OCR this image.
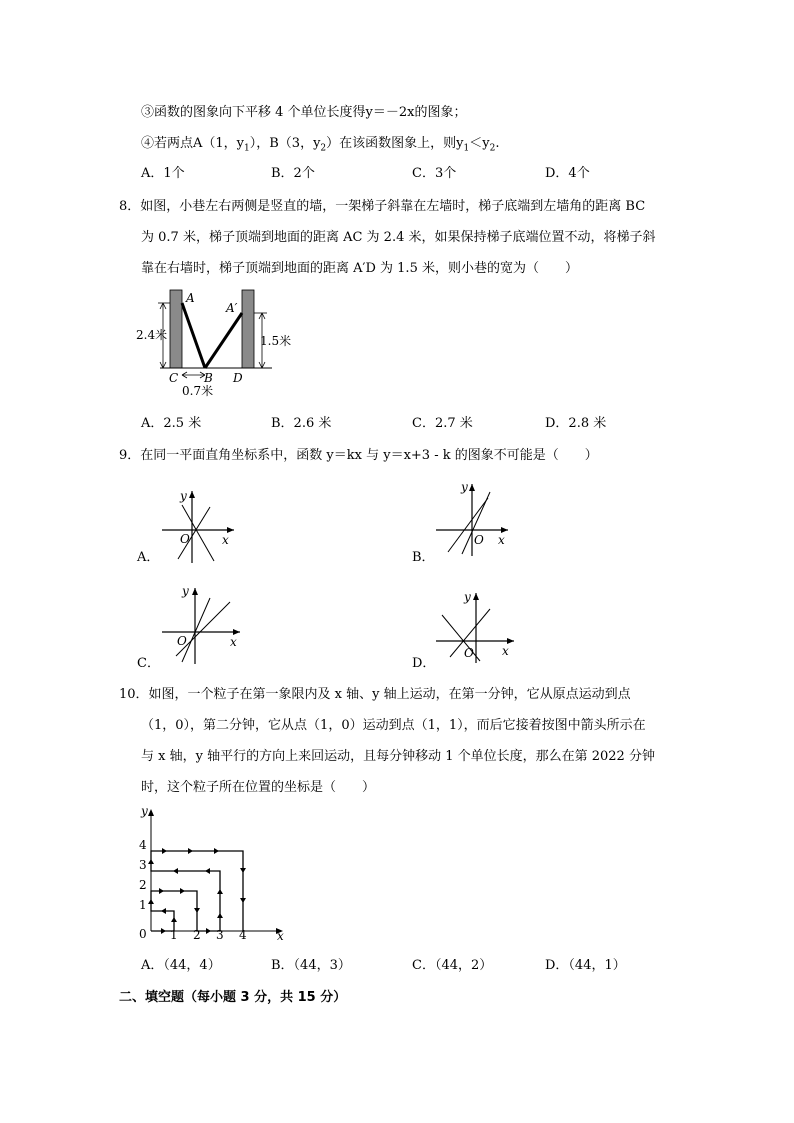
③函数的图象向下平移 4 个单位长度得y＝－2x的图象；
④若两点A（1，$y_1$），B（3，$y_2$）在该函数图象上，则$y_1<y_2$.
A．1个	B．2个	C．3个	D．4个
8．如图，小巷左右两侧是竖直的墙，一架梯子斜靠在左墙时，梯子底端到左墙角的距离 BC
为 0.7 米，梯子顶端到地面的距离 AC 为 2.4 米，如果保持梯子底端位置不动，将梯子斜
靠在右墙时，梯子顶端到地面的距离 A′D 为 1.5 米，则小巷的宽为（　　）
A
A′
C B D
2.4米	1.5米
0.7米
A．2.5 米	B．2.6 米	C．2.7 米	D．2.8 米
9．在同一平面直角坐标系中，函数 y＝kx 与 y＝x+3 - k 的图象不可能是（　　）
O	x
y
A．
O x
y
B．
O	x
y
C．
O x
y
D．
10．如图，一个粒子在第一象限内及 x 轴、y 轴上运动，在第一分钟，它从原点运动到点
（1，0），第二分钟，它从点（1，0）运动到点（1，1），而后它接着按图中箭头所示在
与 x 轴，y 轴平行的方向上来回运动，且每分钟移动 1 个单位长度，那么在第 2022 分钟
时，这个粒子所在位置的坐标是（　　）
0 1 2 3 4
1
2
3
4
y
x
A．（44，4）	B．（44，3）	C．（44，2）	D．（44，1）
二、填空题（每小题 3 分，共 15 分）
